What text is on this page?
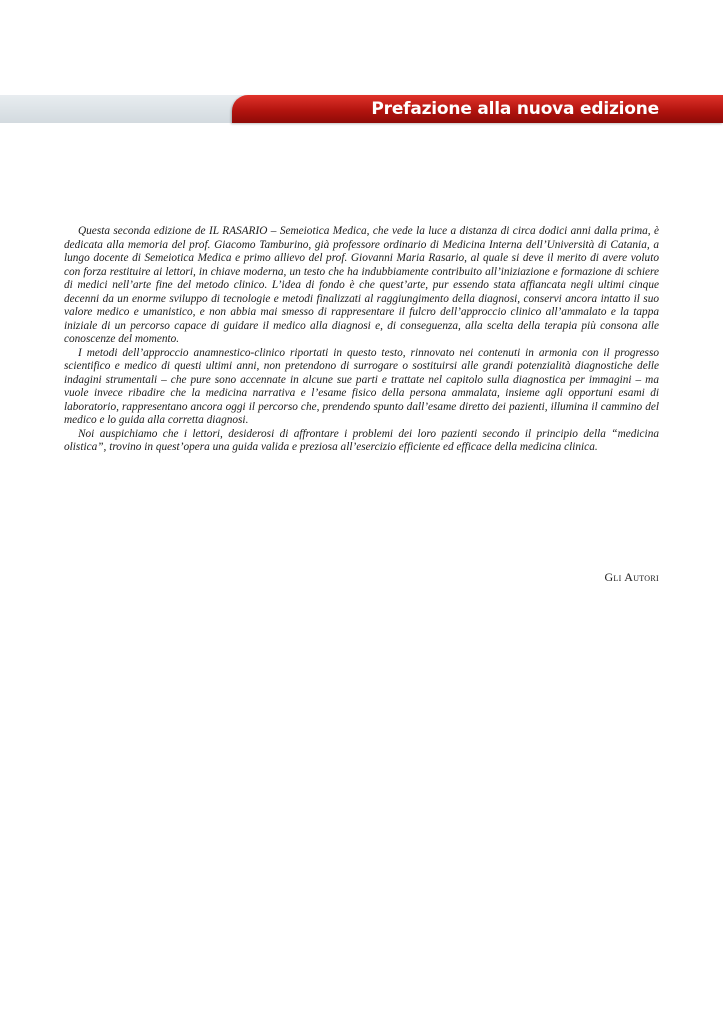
Prefazione alla nuova edizione

Questa seconda edizione de IL RASARIO – Semeiotica Medica, che vede la luce a distanza di circa dodici anni dalla prima, è dedicata alla memoria del prof. Giacomo Tamburino, già professore ordinario di Medicina Interna dell’Università di Catania, a lungo docente di Semeiotica Medica e primo allievo del prof. Giovanni Maria Rasario, al quale si deve il merito di avere voluto con forza restituire ai lettori, in chiave moderna, un testo che ha indubbiamente contribuito all’iniziazione e formazione di schiere di medici nell’arte fine del metodo clinico. L’idea di fondo è che quest’arte, pur essendo stata affiancata negli ultimi cinque decenni da un enorme sviluppo di tecnologie e metodi finalizzati al raggiungimento della diagnosi, conservi ancora intatto il suo valore medico e umanistico, e non abbia mai smesso di rappresentare il fulcro dell’approccio clinico all’ammalato e la tappa iniziale di un percorso capace di guidare il medico alla diagnosi e, di conseguenza, alla scelta della terapia più consona alle conoscenze del momento.

I metodi dell’approccio anamnestico-clinico riportati in questo testo, rinnovato nei contenuti in armonia con il progresso scientifico e medico di questi ultimi anni, non pretendono di surrogare o sostituirsi alle grandi potenzialità diagnostiche delle indagini strumentali – che pure sono accennate in alcune sue parti e trattate nel capitolo sulla diagnostica per immagini – ma vuole invece ribadire che la medicina narrativa e l’esame fisico della persona ammalata, insieme agli opportuni esami di laboratorio, rappresentano ancora oggi il percorso che, prendendo spunto dall’esame diretto dei pazienti, illumina il cammino del medico e lo guida alla corretta diagnosi.

Noi auspichiamo che i lettori, desiderosi di affrontare i problemi dei loro pazienti secondo il principio della “medicina olistica”, trovino in quest’opera una guida valida e preziosa all’esercizio efficiente ed efficace della medicina clinica.

Gli Autori
